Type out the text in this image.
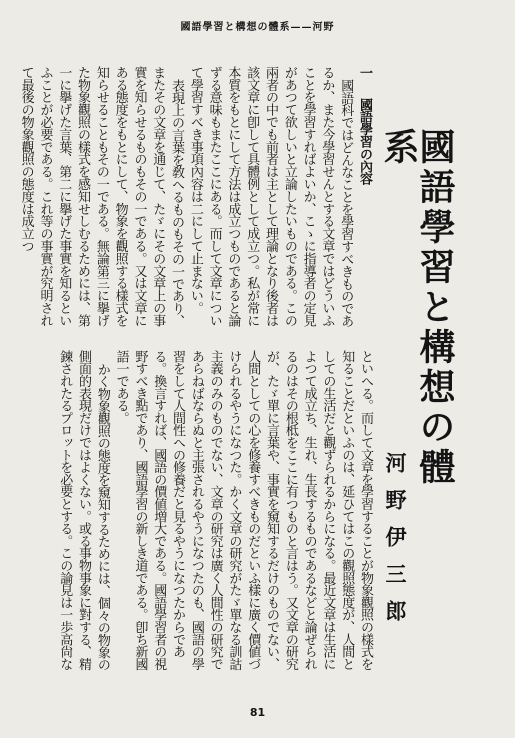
國語學習と構想の體系——河野
一　國語學習の內容

國語科ではどんなことを學習すべきものであるか、また今學習せんとする文章ではどういふことを學習すればよいか、こゝに指導者の定見があつて欲しいと立論したいものである。この兩者の中でも前者は主として理論となり後者は該文章に卽して具體例として成立つ。私が常に本質をもとにして方法は成立つものであると論ずる意味もまたここにある。而して文章について學習すべき事項內容は二にして止まない。

表現上の言葉を敎へるものもその一であり、またその文章を通じて、たゞにその文章上の事實を知らせるものもその一である。又は文章にある態度をもとにして、物象を觀照する樣式を知らせることもその一である。無論第三に擧げた物象觀照の樣式を感知せしむるためには、第一に擧げた言葉、第二に擧げた事實を知るといふことが必要である。これ等の事實が究明されて最後の物象觀照の態度は成立つ	國語學習と構想の體系
河野伊三郎

といへる。而して文章を學習することが物象觀照の樣式を知ることだといふのは、延ひてはこの觀照態度が、人間としての生活だと觀ずられるからになる。最近文章は生活によつて成立ち、生れ、生長するものであるなどと論ぜられるのはその根柢をここに有つものと言はう。又文章の研究が、たゞ單に言葉や、事實を窺知するだけのものでない、人間としての心を修養すべきものだといふ樣に廣く價値づけられるやうになつた。かく文章の研究がたゞ單なる訓詁主義のみのものでない、文章の研究は廣く人間性の研究であらねばならぬと主張されるやうになつたのも、國語の學習をして人間性への修養だと見るやうになつたからである。換言すれば、國語の價値増大である。國語學習者の視野すべき點であり、國語學習の新しき道である。卽ち新國語一である。

かく物象觀照の態度を窺知するためには、個々の物象の側面的表現だけではよくない。或る事物事象に對する、精鍊されたるプロットを必要とする。この論見は一歩高尙な

81
